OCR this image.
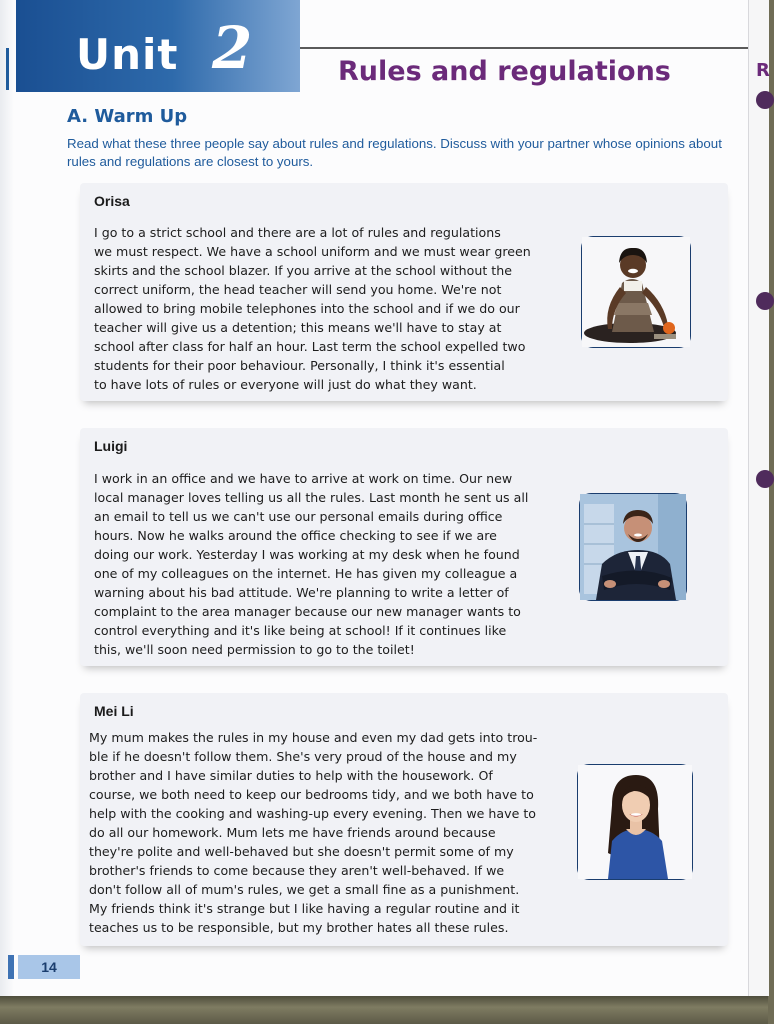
Unit 2	Rules and regulations
A. Warm Up
Read what these three people say about rules and regulations. Discuss with your partner whose opinions about rules and regulations are closest to yours.
Orisa
I go to a strict school and there are a lot of rules and regulations
we must respect. We have a school uniform and we must wear green
skirts and the school blazer. If you arrive at the school without the
correct uniform, the head teacher will send you home. We're not
allowed to bring mobile telephones into the school and if we do our
teacher will give us a detention; this means we'll have to stay at
school after class for half an hour. Last term the school expelled two
students for their poor behaviour. Personally, I think it's essential
to have lots of rules or everyone will just do what they want.
Luigi
I work in an office and we have to arrive at work on time. Our new
local manager loves telling us all the rules. Last month he sent us all
an email to tell us we can't use our personal emails during office
hours. Now he walks around the office checking to see if we are
doing our work. Yesterday I was working at my desk when he found
one of my colleagues on the internet. He has given my colleague a
warning about his bad attitude. We're planning to write a letter of
complaint to the area manager because our new manager wants to
control everything and it's like being at school! If it continues like
this, we'll soon need permission to go to the toilet!
Mei Li
My mum makes the rules in my house and even my dad gets into trou-
ble if he doesn't follow them. She's very proud of the house and my
brother and I have similar duties to help with the housework. Of
course, we both need to keep our bedrooms tidy, and we both have to
help with the cooking and washing-up every evening. Then we have to
do all our homework. Mum lets me have friends around because
they're polite and well-behaved but she doesn't permit some of my
brother's friends to come because they aren't well-behaved. If we
don't follow all of mum's rules, we get a small fine as a punishment.
My friends think it's strange but I like having a regular routine and it
teaches us to be responsible, but my brother hates all these rules.
14
R
